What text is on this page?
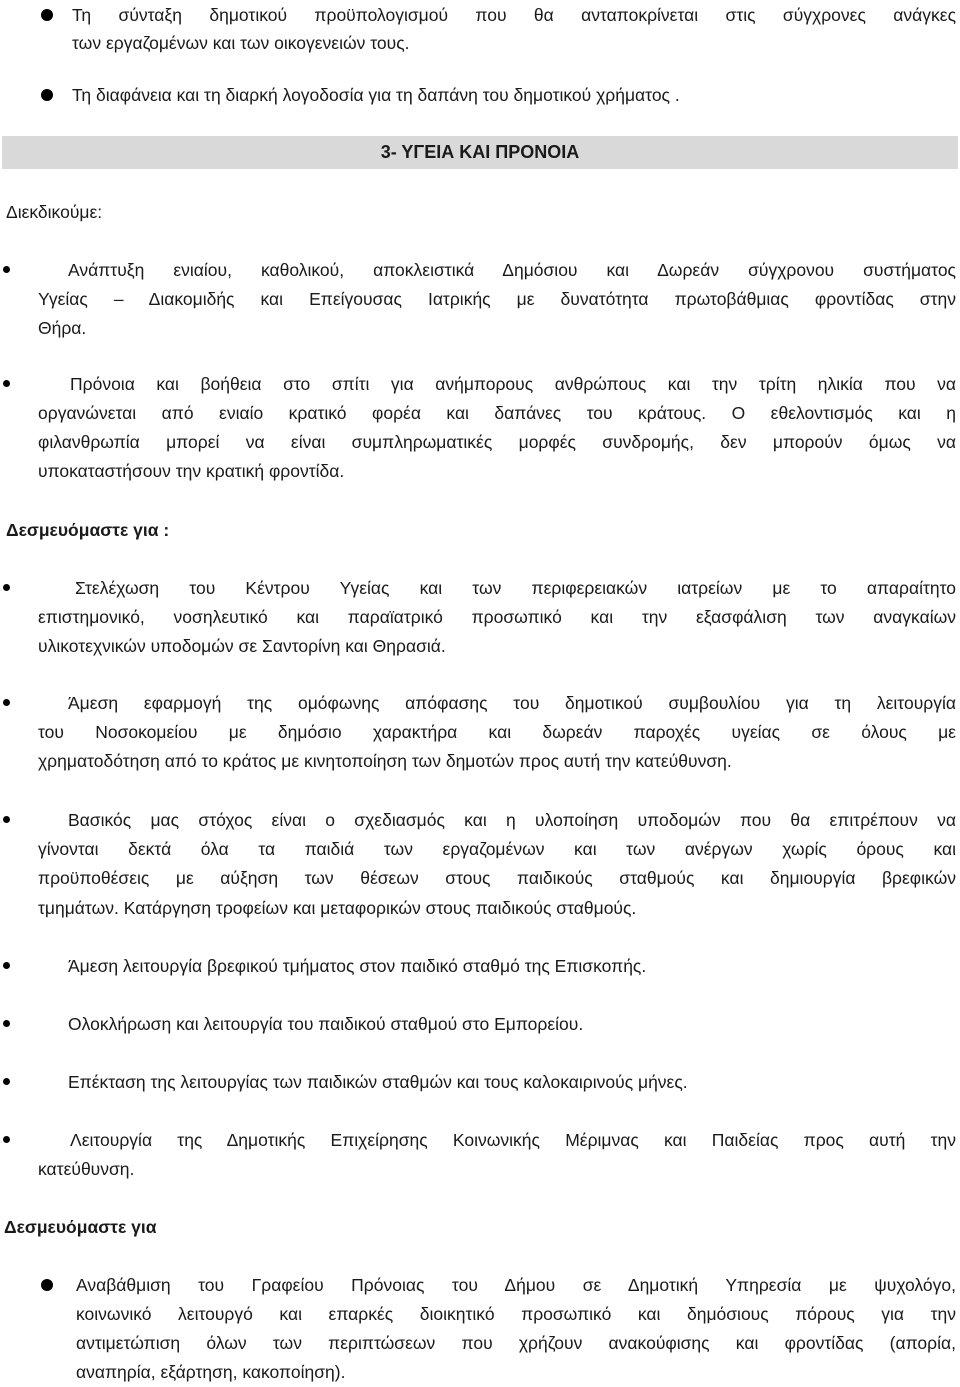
Τη σύνταξη δημοτικού προϋπολογισμού που θα ανταποκρίνεται στις σύγχρονες ανάγκες
των εργαζομένων και των οικογενειών τους.
Τη διαφάνεια και τη διαρκή λογοδοσία για τη δαπάνη του δημοτικού χρήματος .
3- ΥΓΕΙΑ ΚΑΙ ΠΡΟΝΟΙΑ
Διεκδικούμε:
Ανάπτυξη ενιαίου, καθολικού, αποκλειστικά Δημόσιου και Δωρεάν σύγχρονου συστήματος
Υγείας – Διακομιδής και Επείγουσας Ιατρικής με δυνατότητα πρωτοβάθμιας φροντίδας στην
Θήρα.
Πρόνοια και βοήθεια στο σπίτι για ανήμπορους ανθρώπους και την τρίτη ηλικία που να
οργανώνεται από ενιαίο κρατικό φορέα και δαπάνες του κράτους. Ο εθελοντισμός και η
φιλανθρωπία μπορεί να είναι συμπληρωματικές μορφές συνδρομής, δεν μπορούν όμως να
υποκαταστήσουν την κρατική φροντίδα.
Δεσμευόμαστε για :
Στελέχωση του Κέντρου Υγείας και των περιφερειακών ιατρείων με το απαραίτητο
επιστημονικό, νοσηλευτικό και παραϊατρικό προσωπικό και την εξασφάλιση των αναγκαίων
υλικοτεχνικών υποδομών σε Σαντορίνη και Θηρασιά.
Άμεση εφαρμογή της ομόφωνης απόφασης του δημοτικού συμβουλίου για τη λειτουργία
του Νοσοκομείου με δημόσιο χαρακτήρα και δωρεάν παροχές υγείας σε όλους με
χρηματοδότηση από το κράτος με κινητοποίηση των δημοτών προς αυτή την κατεύθυνση.
Βασικός μας στόχος είναι ο σχεδιασμός και η υλοποίηση υποδομών που θα επιτρέπουν να
γίνονται δεκτά όλα τα παιδιά των εργαζομένων και των ανέργων χωρίς όρους και
προϋποθέσεις με αύξηση των θέσεων στους παιδικούς σταθμούς και δημιουργία βρεφικών
τμημάτων. Κατάργηση τροφείων και μεταφορικών στους παιδικούς σταθμούς.
Άμεση λειτουργία βρεφικού τμήματος στον παιδικό σταθμό της Επισκοπής.
Ολοκλήρωση και λειτουργία του παιδικού σταθμού στο Εμπορείου.
Επέκταση της λειτουργίας των παιδικών σταθμών και τους καλοκαιρινούς μήνες.
Λειτουργία της Δημοτικής Επιχείρησης Κοινωνικής Μέριμνας και Παιδείας προς αυτή την
κατεύθυνση.
Δεσμευόμαστε για
Αναβάθμιση του Γραφείου Πρόνοιας του Δήμου σε Δημοτική Υπηρεσία με ψυχολόγο,
κοινωνικό λειτουργό και επαρκές διοικητικό προσωπικό και δημόσιους πόρους για την
αντιμετώπιση όλων των περιπτώσεων που χρήζουν ανακούφισης και φροντίδας (απορία,
αναπηρία, εξάρτηση, κακοποίηση).
